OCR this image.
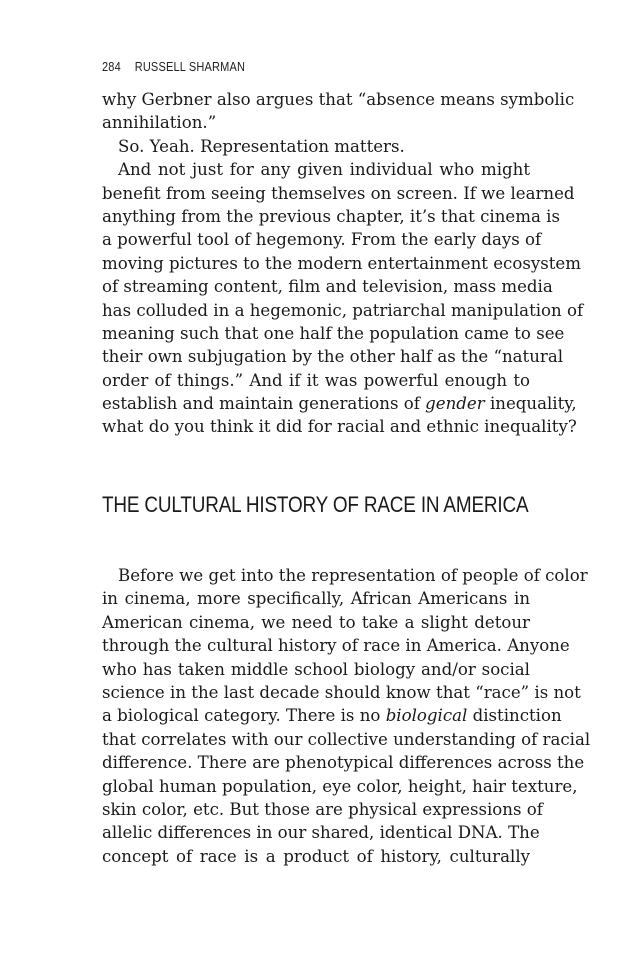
284 RUSSELL SHARMAN
why Gerbner also argues that “absence means symbolic
annihilation.”
So. Yeah. Representation matters.
And not just for any given individual who might
benefit from seeing themselves on screen. If we learned
anything from the previous chapter, it’s that cinema is
a powerful tool of hegemony. From the early days of
moving pictures to the modern entertainment ecosystem
of streaming content, film and television, mass media
has colluded in a hegemonic, patriarchal manipulation of
meaning such that one half the population came to see
their own subjugation by the other half as the “natural
order of things.” And if it was powerful enough to
establish and maintain generations of gender inequality,
what do you think it did for racial and ethnic inequality?
THE CULTURAL HISTORY OF RACE IN AMERICA
Before we get into the representation of people of color
in cinema, more specifically, African Americans in
American cinema, we need to take a slight detour
through the cultural history of race in America. Anyone
who has taken middle school biology and/or social
science in the last decade should know that “race” is not
a biological category. There is no biological distinction
that correlates with our collective understanding of racial
difference. There are phenotypical differences across the
global human population, eye color, height, hair texture,
skin color, etc. But those are physical expressions of
allelic differences in our shared, identical DNA. The
concept of race is a product of history, culturally
